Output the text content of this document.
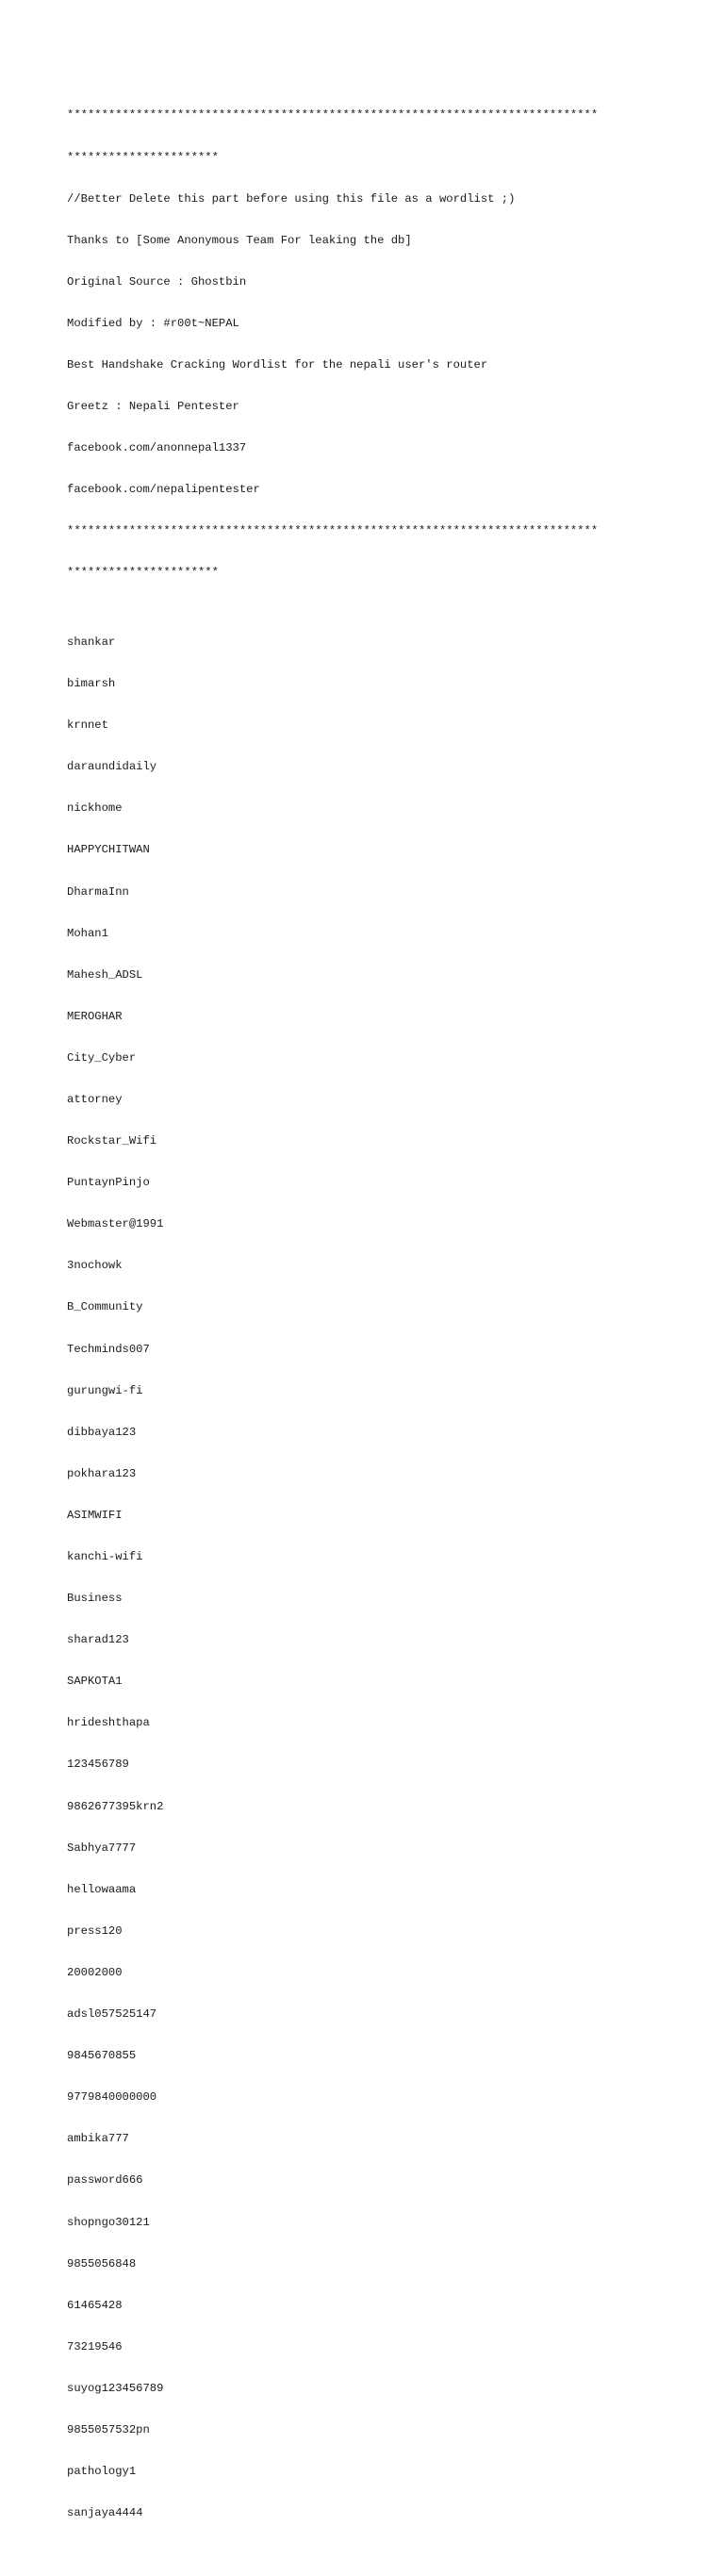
*****************************************************************************

**********************

//Better Delete this part before using this file as a wordlist ;)

Thanks to [Some Anonymous Team For leaking the db]

Original Source : Ghostbin

Modified by : #r00t~NEPAL

Best Handshake Cracking Wordlist for the nepali user's router

Greetz : Nepali Pentester

facebook.com/anonnepal1337

facebook.com/nepalipentester

*****************************************************************************

**********************

shankar

bimarsh

krnnet

daraundidaily

nickhome

HAPPYCHITWAN

DharmaInn

Mohan1

Mahesh_ADSL

MEROGHAR

City_Cyber

attorney

Rockstar_Wifi

PuntaynPinjo

Webmaster@1991

3nochowk

B_Community

Techminds007

gurungwi-fi

dibbaya123

pokhara123

ASIMWIFI

kanchi-wifi

Business

sharad123

SAPKOTA1

hrideshthapa

123456789

9862677395krn2

Sabhya7777

hellowaama

press120

20002000

adsl057525147

9845670855

9779840000000

ambika777

password666

shopngo30121

9855056848

61465428

73219546

suyog123456789

9855057532pn

pathology1

sanjaya4444
